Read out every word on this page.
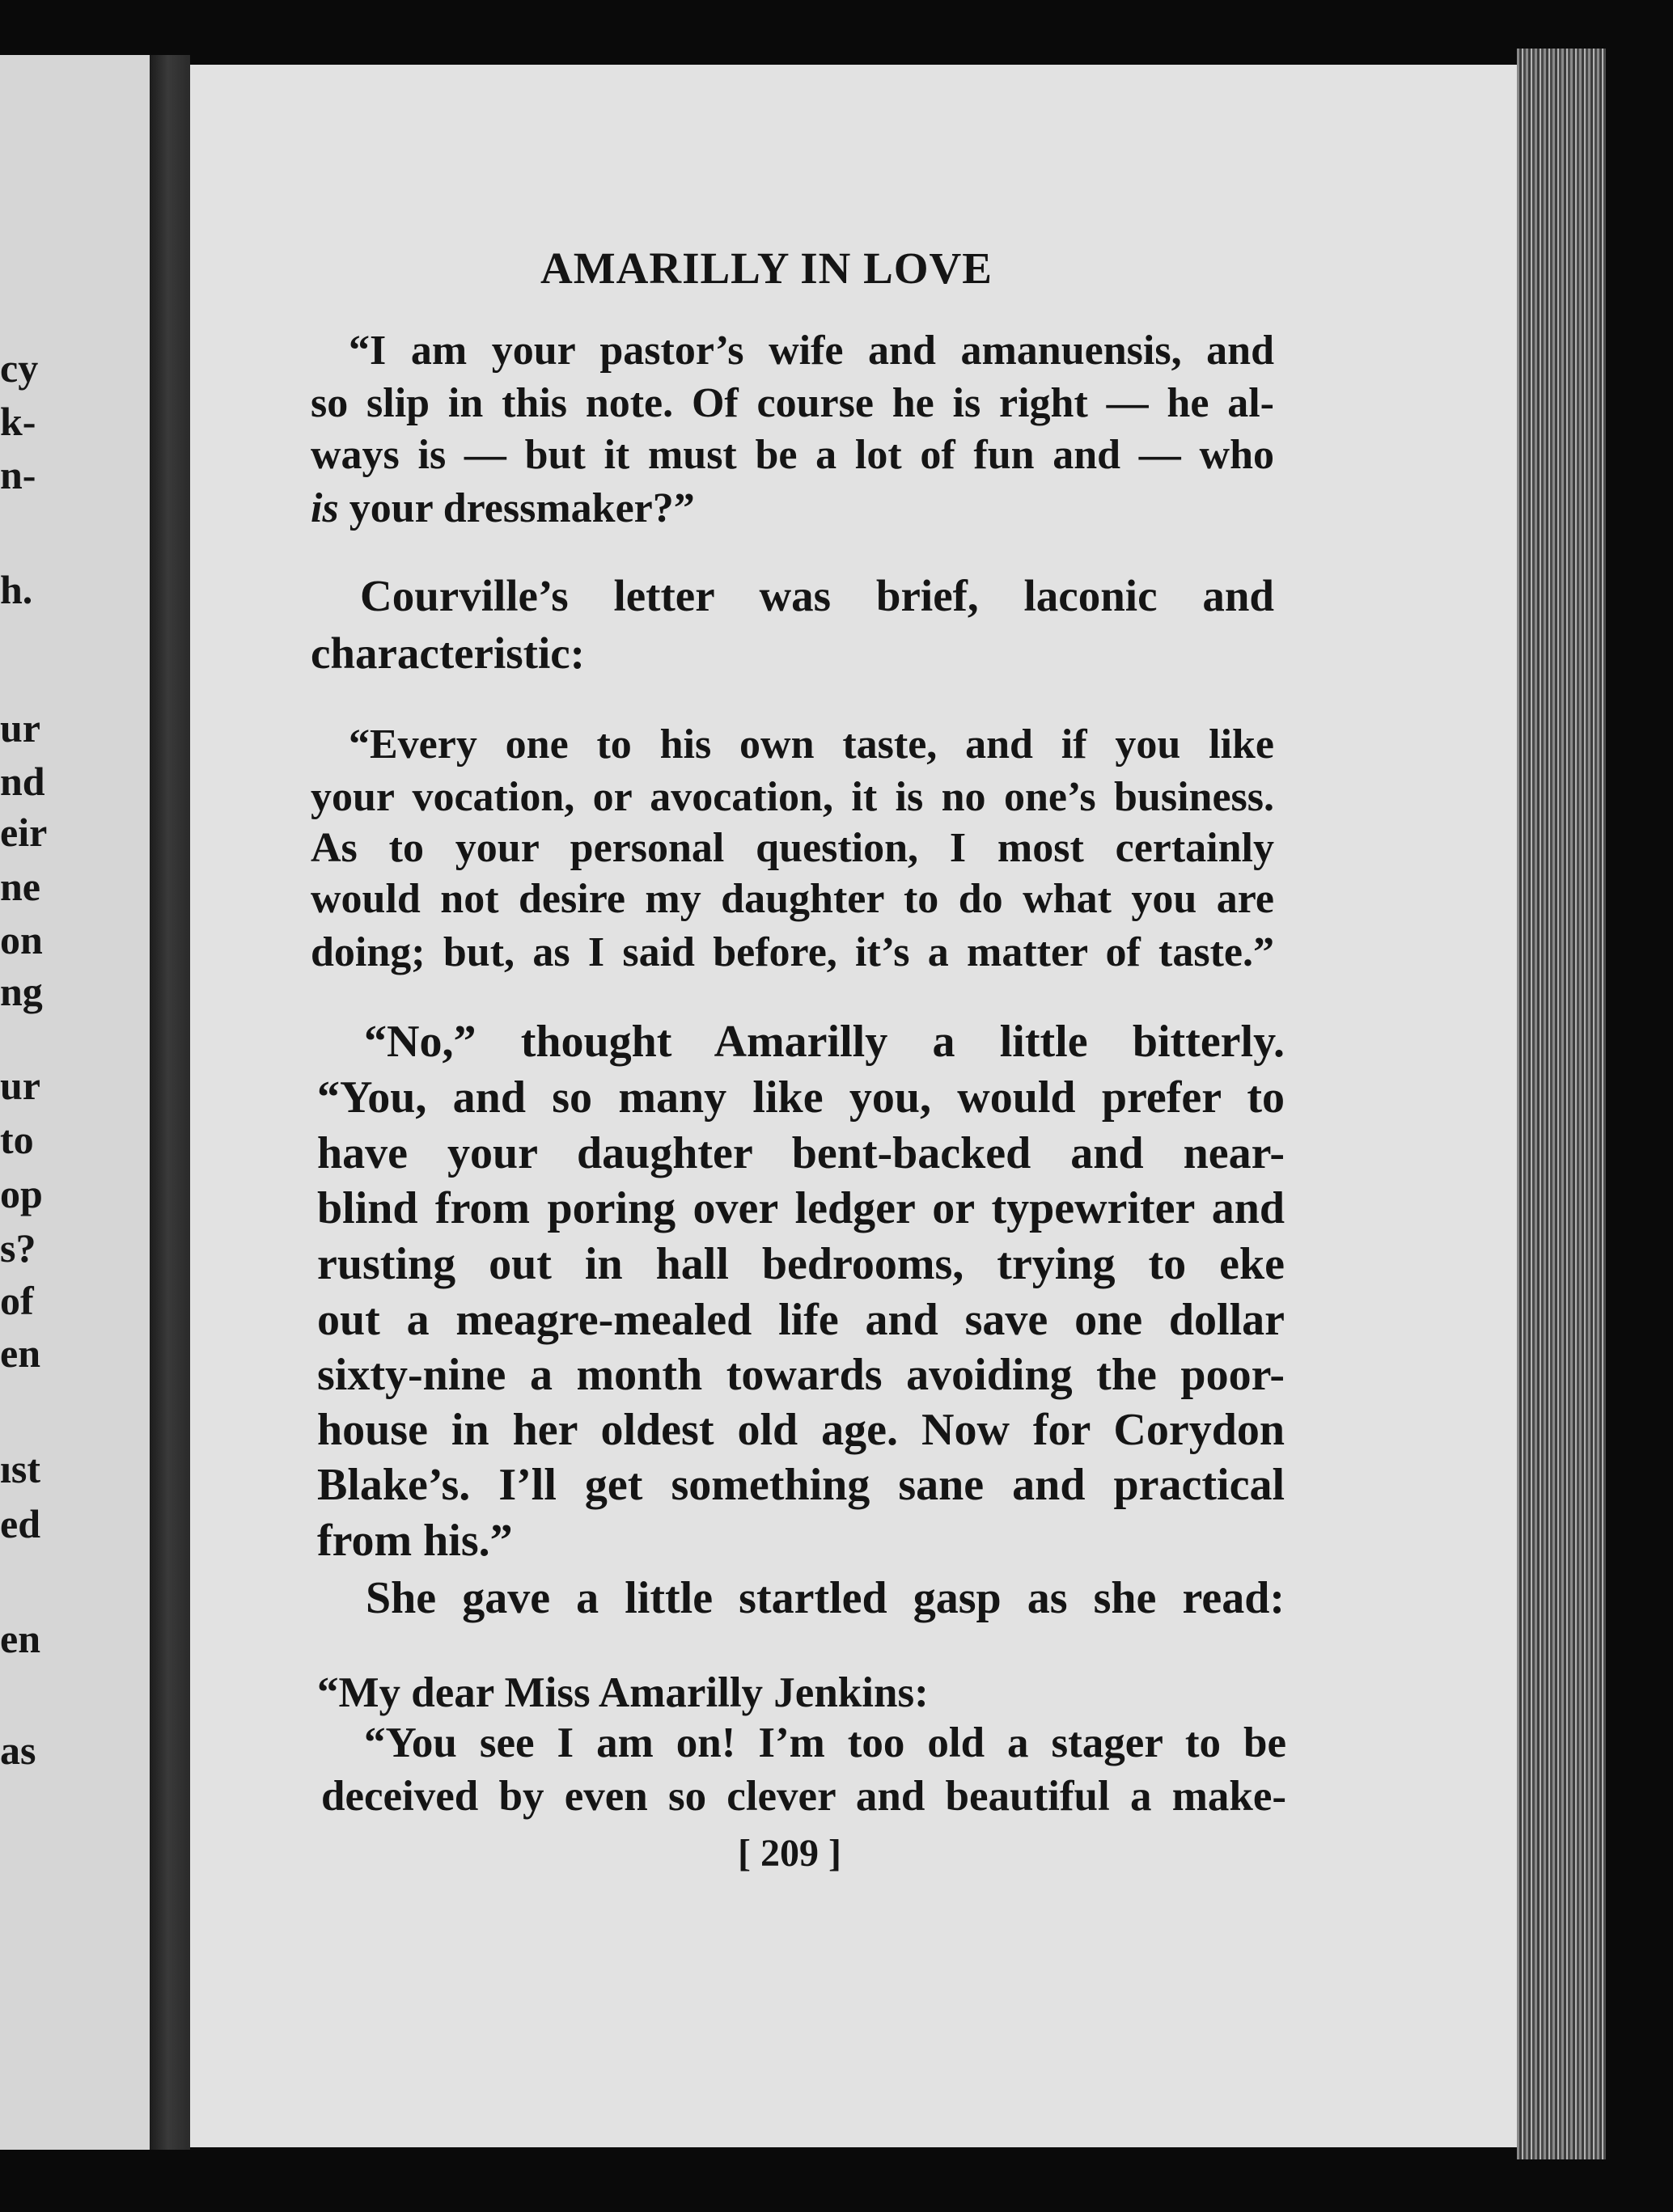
cy
k-
n-
h.
ur
nd
eir
ne
on
ng
ur
to
op
s?
of
en
ıst
ed
en
as
AMARILLY IN LOVE
“I am your pastor’s wife and amanuensis, and
so slip in this note. Of course he is right — he al-
ways is — but it must be a lot of fun and — who
is your dressmaker?”
Courville’s letter was brief, laconic and
characteristic:
“Every one to his own taste, and if you like
your vocation, or avocation, it is no one’s business.
As to your personal question, I most certainly
would not desire my daughter to do what you are
doing; but, as I said before, it’s a matter of taste.”
“No,” thought Amarilly a little bitterly.
“You, and so many like you, would prefer to
have your daughter bent-backed and near-
blind from poring over ledger or typewriter and
rusting out in hall bedrooms, trying to eke
out a meagre-mealed life and save one dollar
sixty-nine a month towards avoiding the poor-
house in her oldest old age. Now for Corydon
Blake’s. I’ll get something sane and practical
from his.”
She gave a little startled gasp as she read:
“My dear Miss Amarilly Jenkins:
“You see I am on! I’m too old a stager to be
deceived by even so clever and beautiful a make-
[ 209 ]
